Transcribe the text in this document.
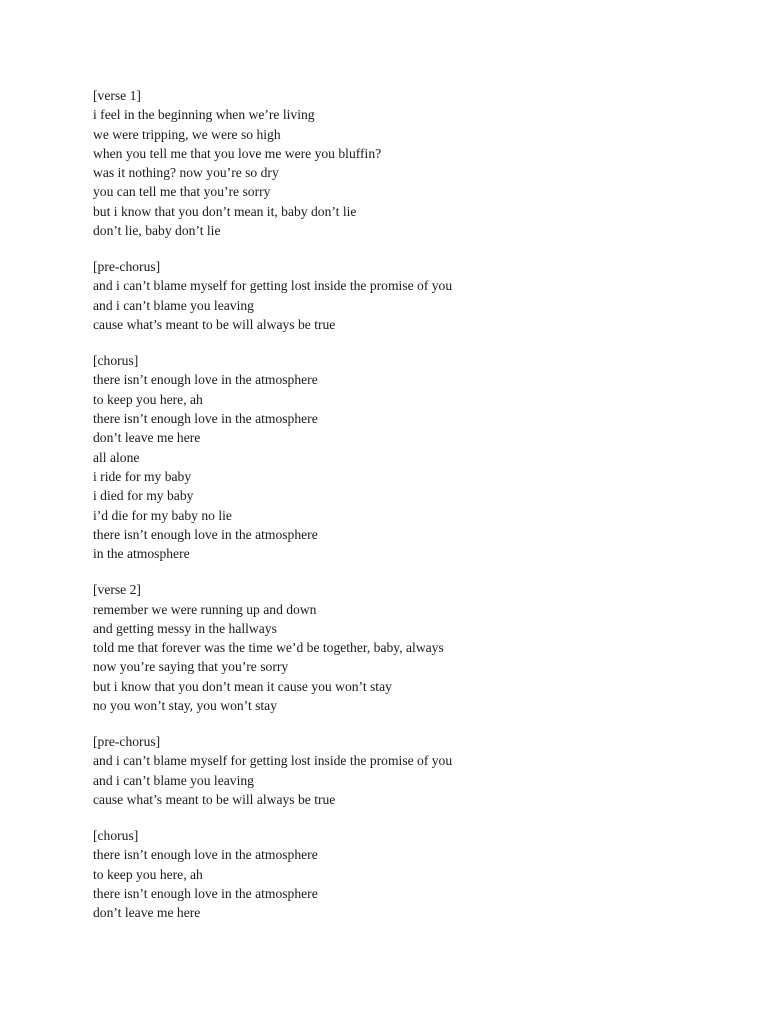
[verse 1]
i feel in the beginning when we’re living
we were tripping, we were so high
when you tell me that you love me were you bluffin?
was it nothing? now you’re so dry
you can tell me that you’re sorry
but i know that you don’t mean it, baby don’t lie
don’t lie, baby don’t lie
[pre-chorus]
and i can’t blame myself for getting lost inside the promise of you
and i can’t blame you leaving
cause what’s meant to be will always be true
[chorus]
there isn’t enough love in the atmosphere
to keep you here, ah
there isn’t enough love in the atmosphere
don’t leave me here
all alone
i ride for my baby
i died for my baby
i’d die for my baby no lie
there isn’t enough love in the atmosphere
in the atmosphere
[verse 2]
remember we were running up and down
and getting messy in the hallways
told me that forever was the time we’d be together, baby, always
now you’re saying that you’re sorry
but i know that you don’t mean it cause you won’t stay
no you won’t stay, you won’t stay
[pre-chorus]
and i can’t blame myself for getting lost inside the promise of you
and i can’t blame you leaving
cause what’s meant to be will always be true
[chorus]
there isn’t enough love in the atmosphere
to keep you here, ah
there isn’t enough love in the atmosphere
don’t leave me here
